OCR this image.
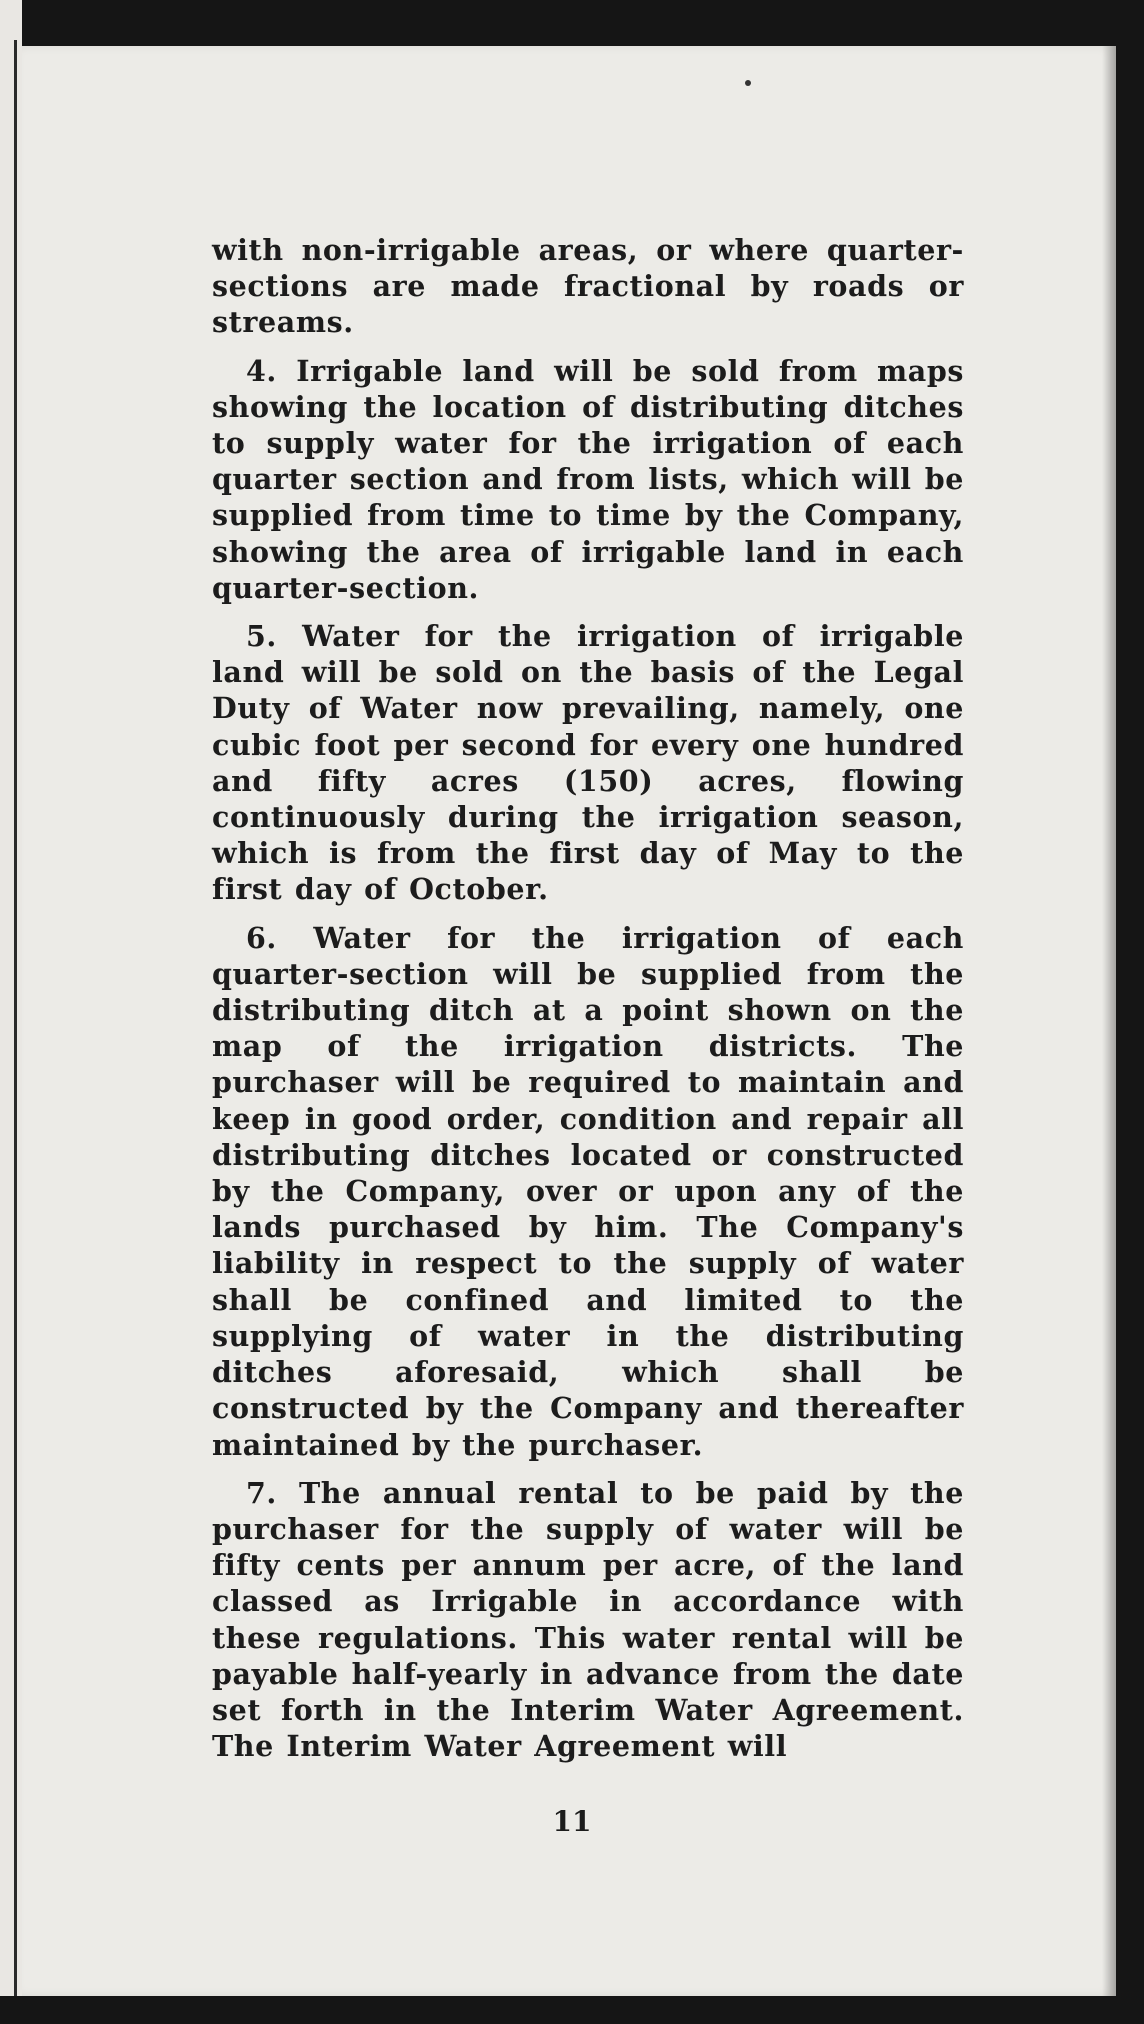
with non-irrigable areas, or where quarter-sections are made fractional by roads or streams.

4. Irrigable land will be sold from maps showing the location of distributing ditches to supply water for the irrigation of each quarter section and from lists, which will be supplied from time to time by the Company, showing the area of irrigable land in each quarter-section.

5. Water for the irrigation of irrigable land will be sold on the basis of the Legal Duty of Water now prevailing, namely, one cubic foot per second for every one hundred and fifty acres (150) acres, flowing continuously during the irrigation season, which is from the first day of May to the first day of October.

6. Water for the irrigation of each quarter-section will be supplied from the distributing ditch at a point shown on the map of the irrigation districts. The purchaser will be required to maintain and keep in good order, condition and repair all distributing ditches located or constructed by the Company, over or upon any of the lands purchased by him. The Company's liability in respect to the supply of water shall be confined and limited to the supplying of water in the distributing ditches aforesaid, which shall be constructed by the Company and thereafter maintained by the purchaser.

7. The annual rental to be paid by the purchaser for the supply of water will be fifty cents per annum per acre, of the land classed as Irrigable in accordance with these regulations. This water rental will be payable half-yearly in advance from the date set forth in the Interim Water Agreement. The Interim Water Agreement will

11
